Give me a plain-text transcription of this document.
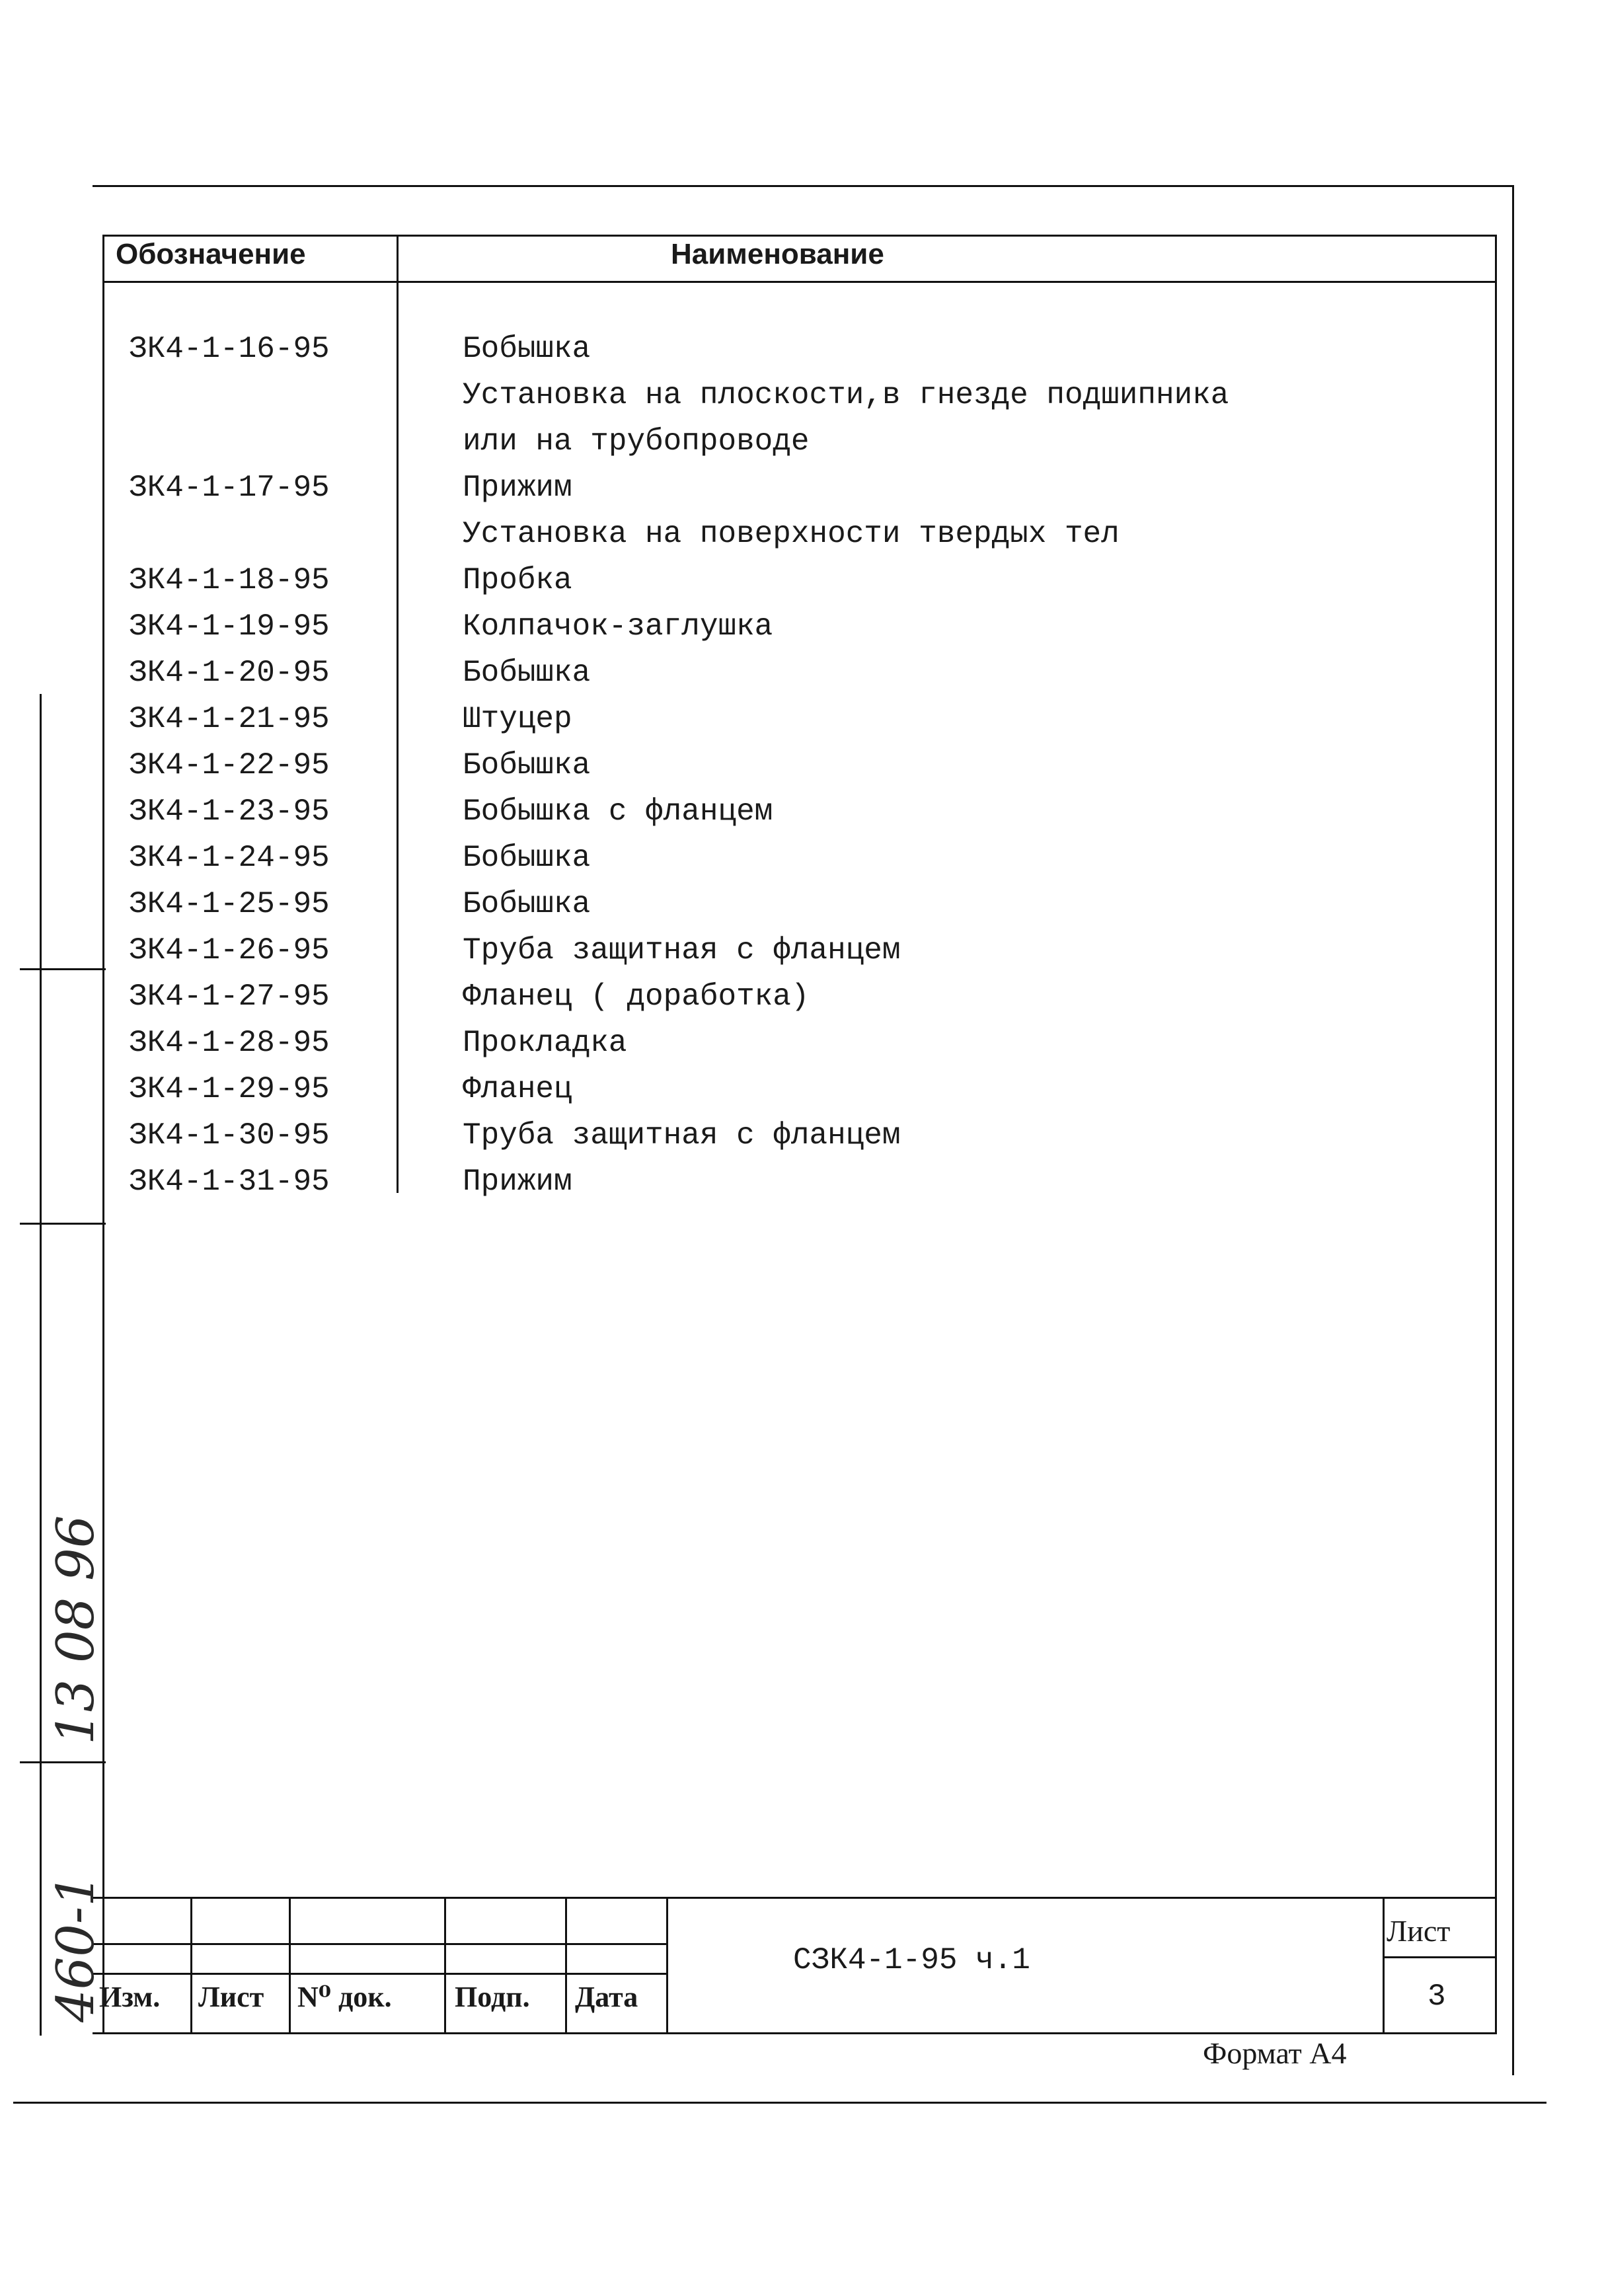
Обозначение	Наименование
ЗК4-1-16-95	Бобышка
Установка на плоскости,в гнезде подшипника
или на трубопроводе
ЗК4-1-17-95	Прижим
Установка на поверхности твердых тел
ЗК4-1-18-95	Пробка
ЗК4-1-19-95	Колпачок-заглушка
ЗК4-1-20-95	Бобышка
ЗК4-1-21-95	Штуцер
ЗК4-1-22-95	Бобышка
ЗК4-1-23-95	Бобышка с фланцем
ЗК4-1-24-95	Бобышка
ЗК4-1-25-95	Бобышка
ЗК4-1-26-95	Труба защитная с фланцем
ЗК4-1-27-95	Фланец ( доработка)
ЗК4-1-28-95	Прокладка
ЗК4-1-29-95	Фланец
ЗК4-1-30-95	Труба защитная с фланцем
ЗК4-1-31-95	Прижим
Изм. Лист N⁰ док. Подп. Дата
СЗК4-1-95 ч.1
Лист
3
Формат А4
460-1
13 08 96
